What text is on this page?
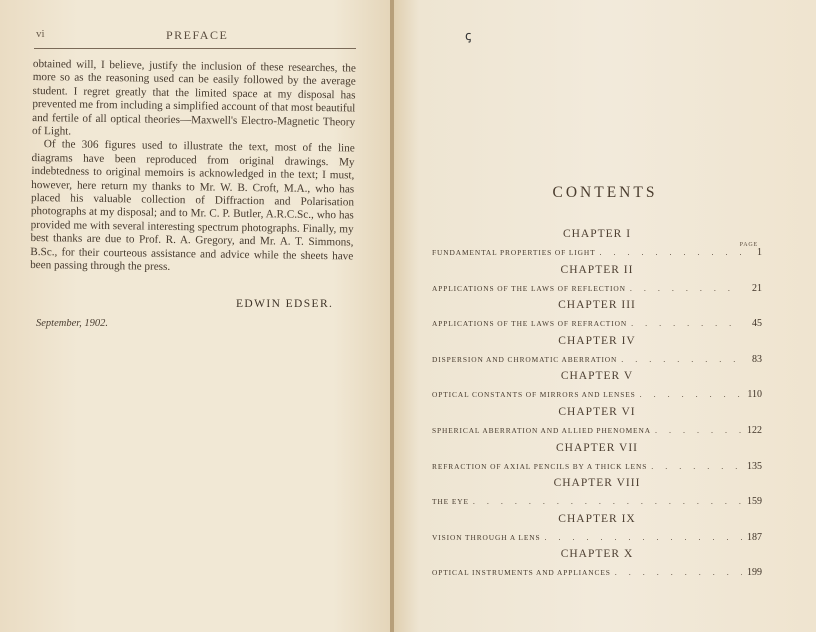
vi	PREFACE

obtained will, I believe, justify the inclusion of these researches, the more so as the reasoning used can be easily followed by the average student. I regret greatly that the limited space at my disposal has prevented me from including a simplified account of that most beautiful and fertile of all optical theories—Maxwell's Electro-Magnetic Theory of Light.

Of the 306 figures used to illustrate the text, most of the line diagrams have been reproduced from original drawings. My indebtedness to original memoirs is acknowledged in the text; I must, however, here return my thanks to Mr. W. B. Croft, M.A., who has placed his valuable collection of Diffraction and Polarisation photographs at my disposal; and to Mr. C. P. Butler, A.R.C.Sc., who has provided me with several interesting spectrum photographs. Finally, my best thanks are due to Prof. R. A. Gregory, and Mr. A. T. Simmons, B.Sc., for their courteous assistance and advice while the sheets have been passing through the press.

EDWIN EDSER.
September, 1902.
ꞔ
CONTENTS
CHAPTER I
PAGE
FUNDAMENTAL PROPERTIES OF LIGHT . . .	1
CHAPTER II
APPLICATIONS OF THE LAWS OF REFLECTION . . .	21
CHAPTER III
APPLICATIONS OF THE LAWS OF REFRACTION . . .	45
CHAPTER IV
DISPERSION AND CHROMATIC ABERRATION . . .	83
CHAPTER V
OPTICAL CONSTANTS OF MIRRORS AND LENSES . . .	110
CHAPTER VI
SPHERICAL ABERRATION AND ALLIED PHENOMENA . . .	122
CHAPTER VII
REFRACTION OF AXIAL PENCILS BY A THICK LENS . . .	135
CHAPTER VIII
THE EYE . . .	159
CHAPTER IX
VISION THROUGH A LENS . . .	187
CHAPTER X
OPTICAL INSTRUMENTS AND APPLIANCES . . .	199
